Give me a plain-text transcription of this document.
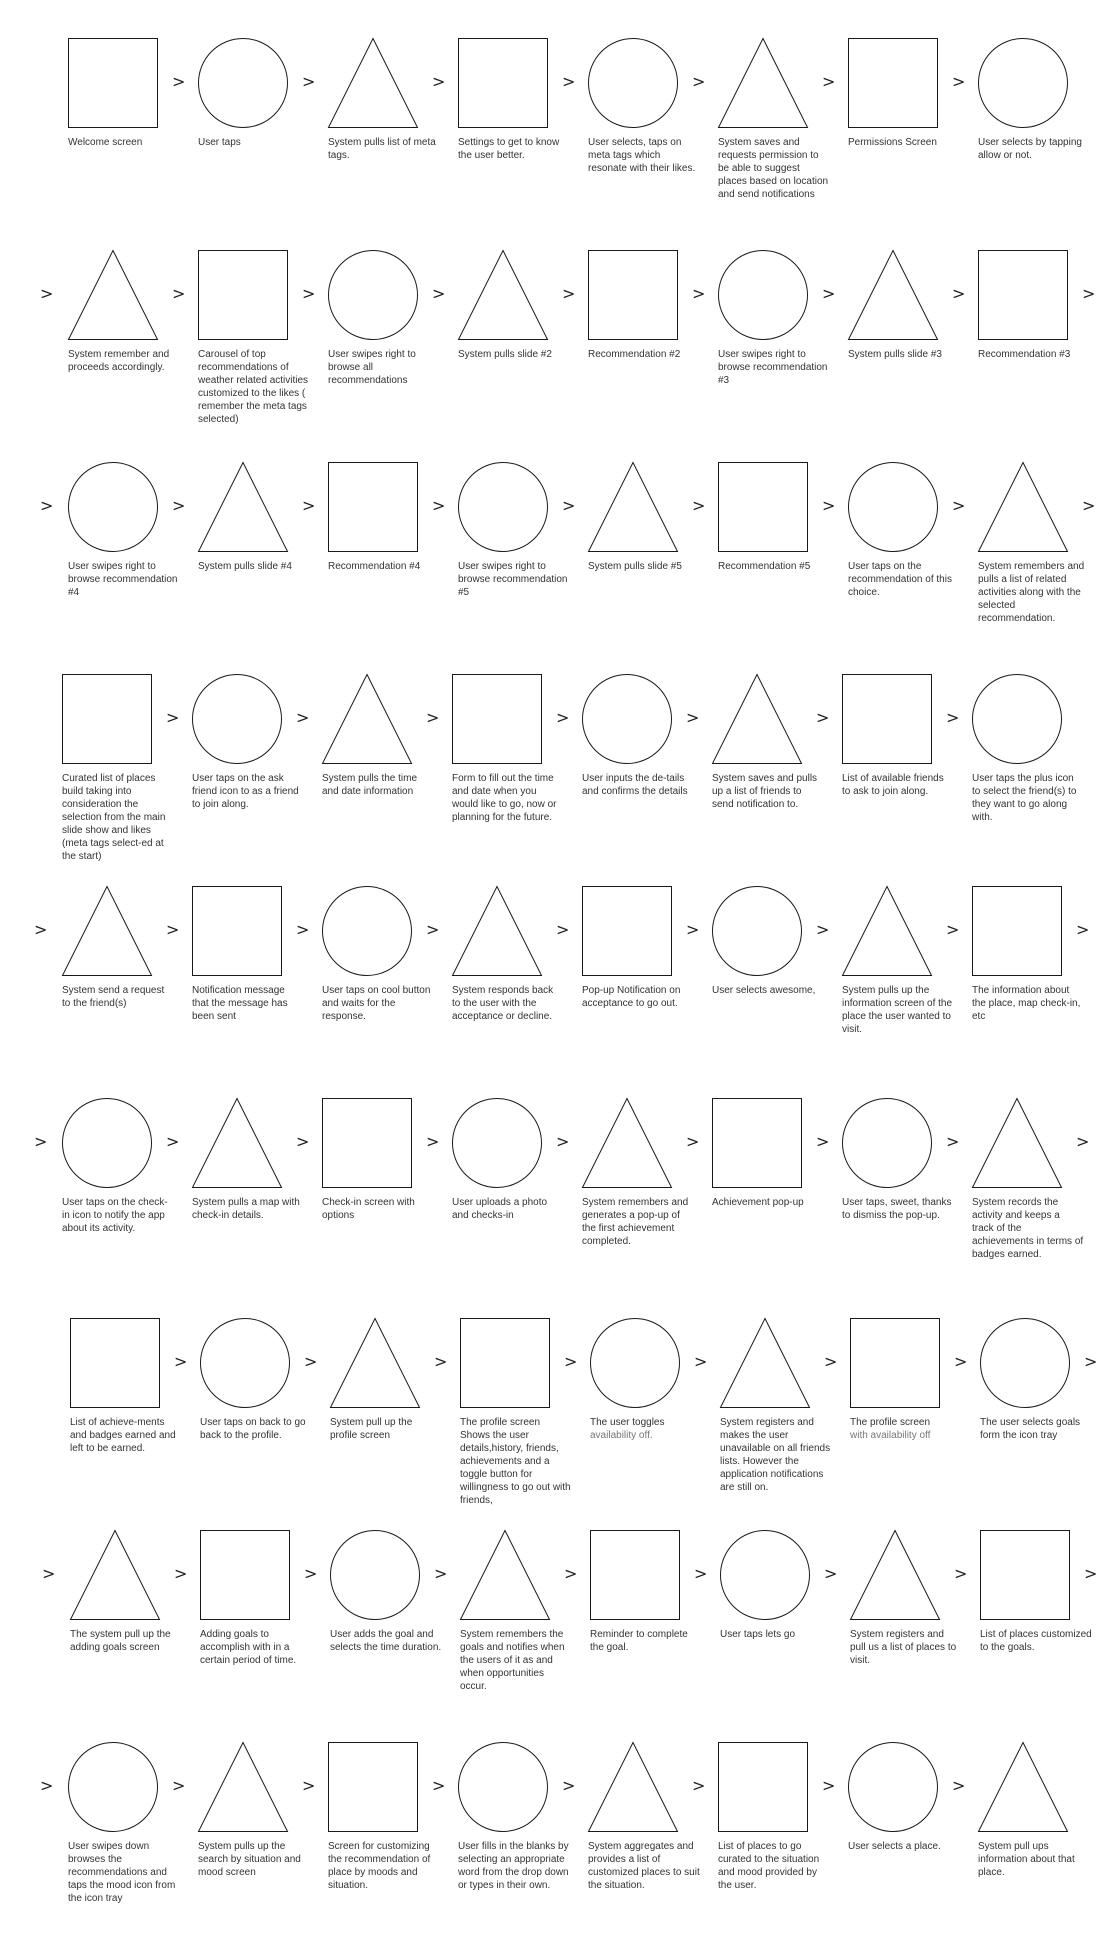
Welcome screen
>
User taps
>
System pulls list of meta tags.
>
Settings to get to know the user better.
>
User selects, taps on meta tags which resonate with their likes.
>
System saves and requests permission to be able to suggest places based on location and send notifications
>
Permissions Screen
>
User selects by tapping allow or not.
>
System remember and proceeds accordingly.
>
Carousel of top recommendations of weather related activities customized to the likes ( remember the meta tags selected)
>
User swipes right to browse all recommendations
>
System pulls slide #2
>
Recommendation #2
>
User swipes right to browse recommendation #3
>
System pulls slide #3
>
Recommendation #3
>
>
User swipes right to browse recommendation #4
>
System pulls slide #4
>
Recommendation #4
>
User swipes right to browse recommendation #5
>
System pulls slide #5
>
Recommendation #5
>
User taps on the recommendation of this choice.
>
System remembers and pulls a list of related activities along with the selected recommendation.
>
Curated list of places build taking into consideration the selection from the main slide show and likes (meta tags select-ed at the start)
>
User taps on the ask friend icon to as a friend to join along.
>
System pulls the time and date information
>
Form to fill out the time and date when you would like to go, now or planning for the future.
>
User inputs the de-tails and confirms the details
>
System saves and pulls up a list of friends to send notification to.
>
List of available friends to ask to join along.
>
User taps the plus icon to select the friend(s) to they want to go along with.
>
System send a request to the friend(s)
>
Notification message that the message has been sent
>
User taps on cool button and waits for the response.
>
System responds back to the user with the acceptance or decline.
>
Pop-up Notification on acceptance to go out.
>
User selects awesome,
>
System pulls up the information screen of the place the user wanted to visit.
>
The information about the place, map check-in, etc
>
>
User taps on the check-in icon to notify the app about its activity.
>
System pulls a map with check-in details.
>
Check-in screen with options
>
User uploads a photo and checks-in
>
System remembers and generates a pop-up of the first achievement completed.
>
Achievement pop-up
>
User taps, sweet, thanks to dismiss the pop-up.
>
System records the activity and keeps a track of the achievements in terms of badges earned.
>
List of achieve-ments and badges earned and left to be earned.
>
User taps on back to go back to the profile.
>
System pull up the profile screen
>
The profile screen Shows the user details,history, friends, achievements and a toggle button for willingness to go out with friends,
>
The user toggles
availability off.
>
System registers and makes the user unavailable on all friends lists. However the application notifications are still on.
>
The profile screen
with availability off
>
The user selects goals form the icon tray
>
>
The system pull up the adding goals screen
>
Adding goals to accomplish with in a certain period of time.
>
User adds the goal and selects the time duration.
>
System remembers the goals and notifies when the users of it as and when opportunities occur.
>
Reminder to complete the goal.
>
User taps lets go
>
System registers and pull us a list of places to visit.
>
List of places customized to the goals.
>
>
User swipes down browses the recommendations and taps the mood icon from the icon tray
>
System pulls up the search by situation and mood screen
>
Screen for customizing the recommendation of place by moods and situation.
>
User fills in the blanks by selecting an appropriate word from the drop down or types in their own.
>
System aggregates and provides a list of customized places to suit the situation.
>
List of places to go curated to the situation and mood provided by the user.
>
User selects a place.
>
System pull ups information about that place.
